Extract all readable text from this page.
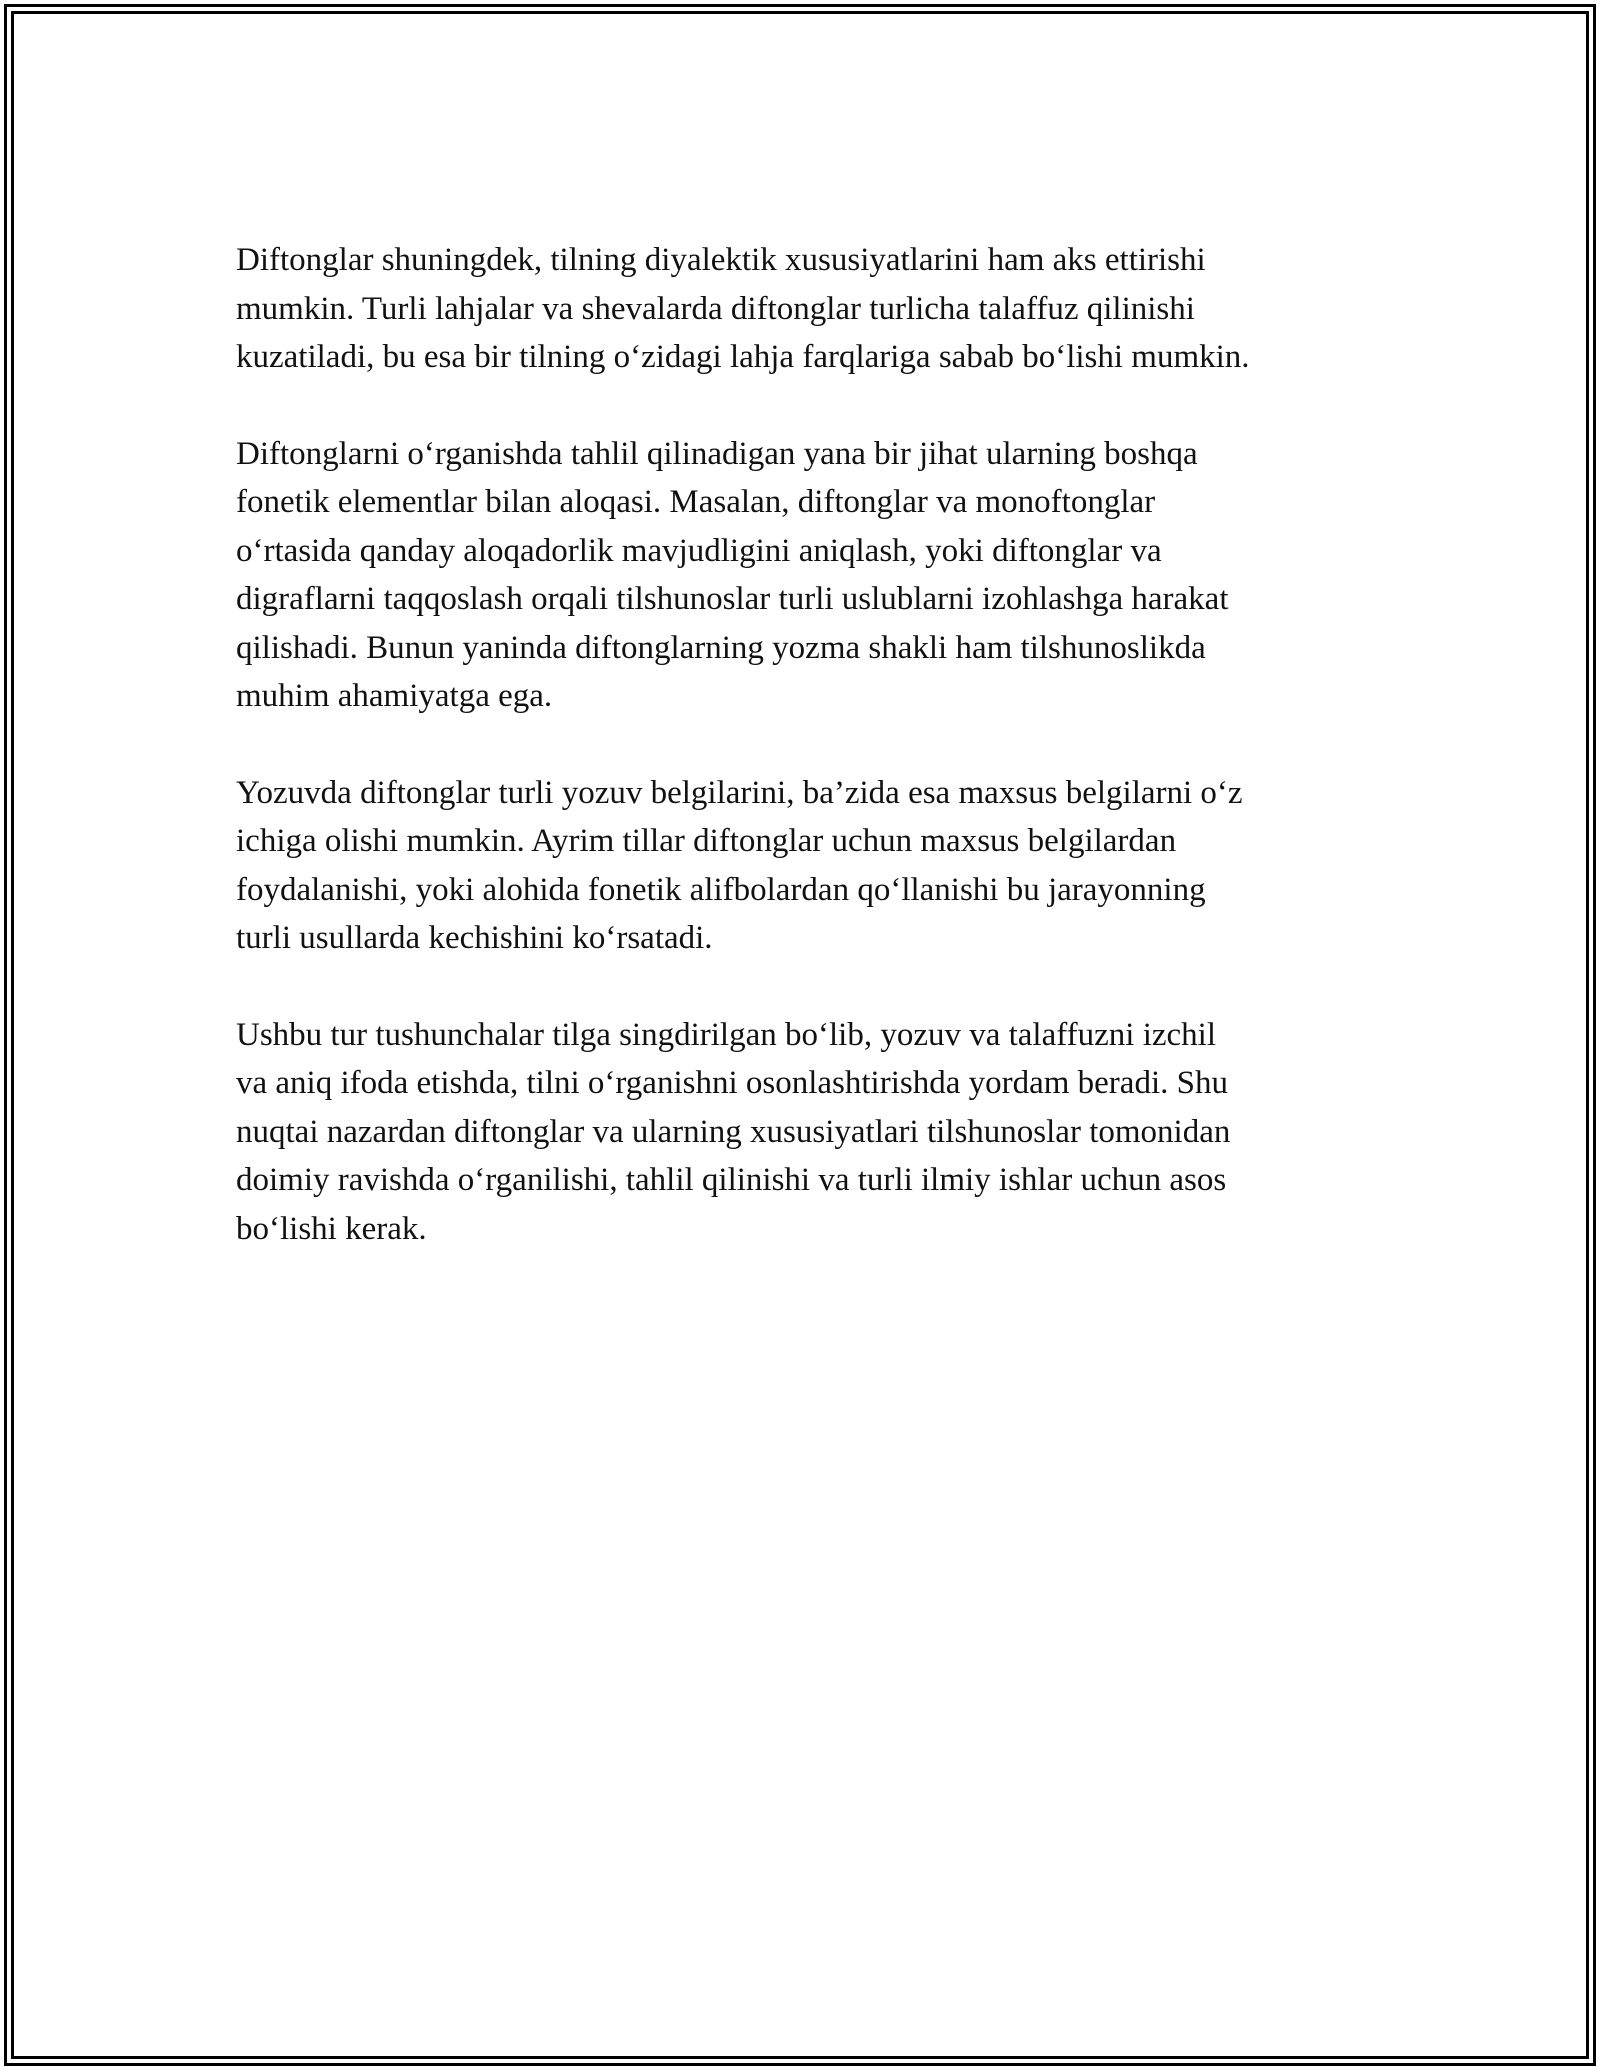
Diftonglar shuningdek, tilning diyalektik xususiyatlarini ham aks ettirishi
mumkin. Turli lahjalar va shevalarda diftonglar turlicha talaffuz qilinishi
kuzatiladi, bu esa bir tilning o‘zidagi lahja farqlariga sabab bo‘lishi mumkin.

Diftonglarni o‘rganishda tahlil qilinadigan yana bir jihat ularning boshqa
fonetik elementlar bilan aloqasi. Masalan, diftonglar va monoftonglar
o‘rtasida qanday aloqadorlik mavjudligini aniqlash, yoki diftonglar va
digraflarni taqqoslash orqali tilshunoslar turli uslublarni izohlashga harakat
qilishadi. Bunun yaninda diftonglarning yozma shakli ham tilshunoslikda
muhim ahamiyatga ega.

Yozuvda diftonglar turli yozuv belgilarini, ba’zida esa maxsus belgilarni o‘z
ichiga olishi mumkin. Ayrim tillar diftonglar uchun maxsus belgilardan
foydalanishi, yoki alohida fonetik alifbolardan qo‘llanishi bu jarayonning
turli usullarda kechishini ko‘rsatadi.

Ushbu tur tushunchalar tilga singdirilgan bo‘lib, yozuv va talaffuzni izchil
va aniq ifoda etishda, tilni o‘rganishni osonlashtirishda yordam beradi. Shu
nuqtai nazardan diftonglar va ularning xususiyatlari tilshunoslar tomonidan
doimiy ravishda o‘rganilishi, tahlil qilinishi va turli ilmiy ishlar uchun asos
bo‘lishi kerak.
